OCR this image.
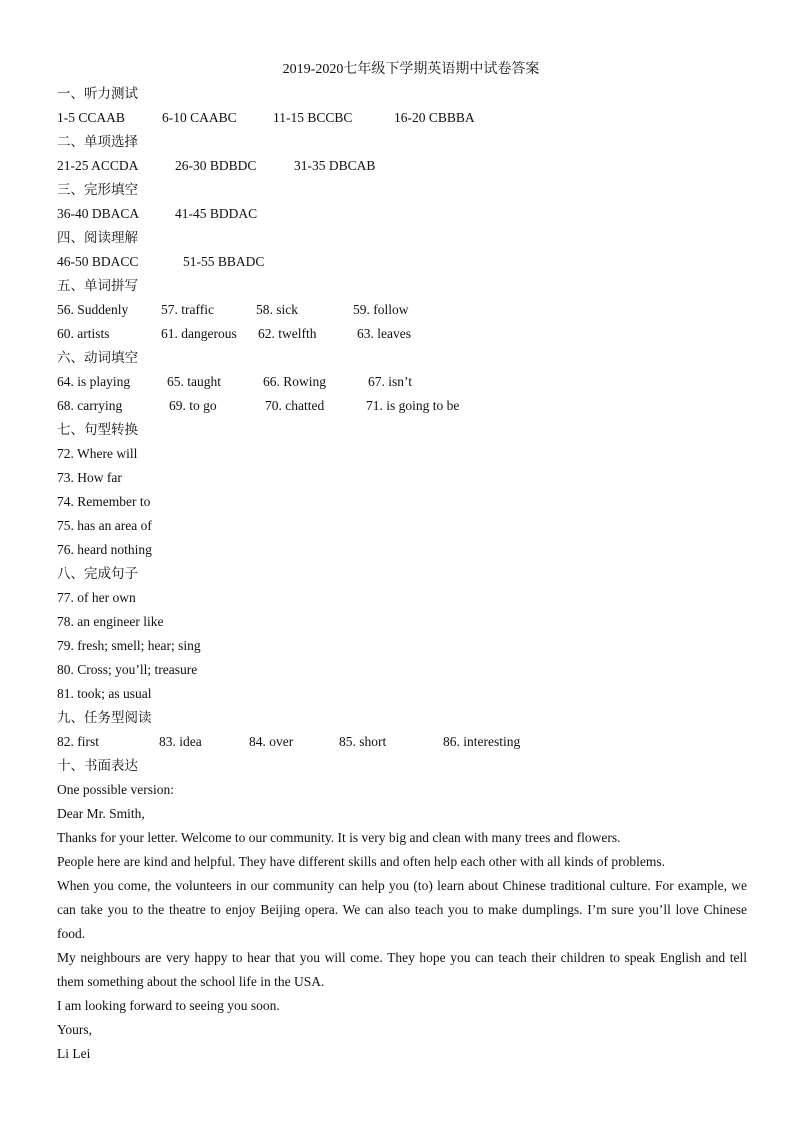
2019-2020七年级下学期英语期中试卷答案
一、听力测试
1-5 CCAAB	6-10 CAABC	11-15 BCCBC	16-20 CBBBA
二、单项选择
21-25 ACCDA	26-30 BDBDC	31-35 DBCAB
三、完形填空
36-40 DBACA	41-45 BDDAC
四、阅读理解
46-50 BDACC	51-55 BBADC
五、单词拼写
56. Suddenly	57. traffic	58. sick	59. follow
60. artists	61. dangerous	62. twelfth	63. leaves
六、动词填空
64. is playing	65. taught	66. Rowing	67. isn’t
68. carrying	69. to go	70. chatted	71. is going to be
七、句型转换
72. Where will
73. How far
74. Remember to
75. has an area of
76. heard nothing
八、完成句子
77. of her own
78. an engineer like
79. fresh; smell; hear; sing
80. Cross; you’ll; treasure
81. took; as usual
九、任务型阅读
82. first	83. idea	84. over	85. short	86. interesting
十、书面表达
One possible version:
Dear Mr. Smith,
Thanks for your letter. Welcome to our community. It is very big and clean with many trees and flowers.
People here are kind and helpful. They have different skills and often help each other with all kinds of problems.
When you come, the volunteers in our community can help you (to) learn about Chinese traditional culture. For example, we can take you to the theatre to enjoy Beijing opera. We can also teach you to make dumplings. I’m sure you’ll love Chinese food.
My neighbours are very happy to hear that you will come. They hope you can teach their children to speak English and tell them something about the school life in the USA.
I am looking forward to seeing you soon.
Yours,
Li Lei
